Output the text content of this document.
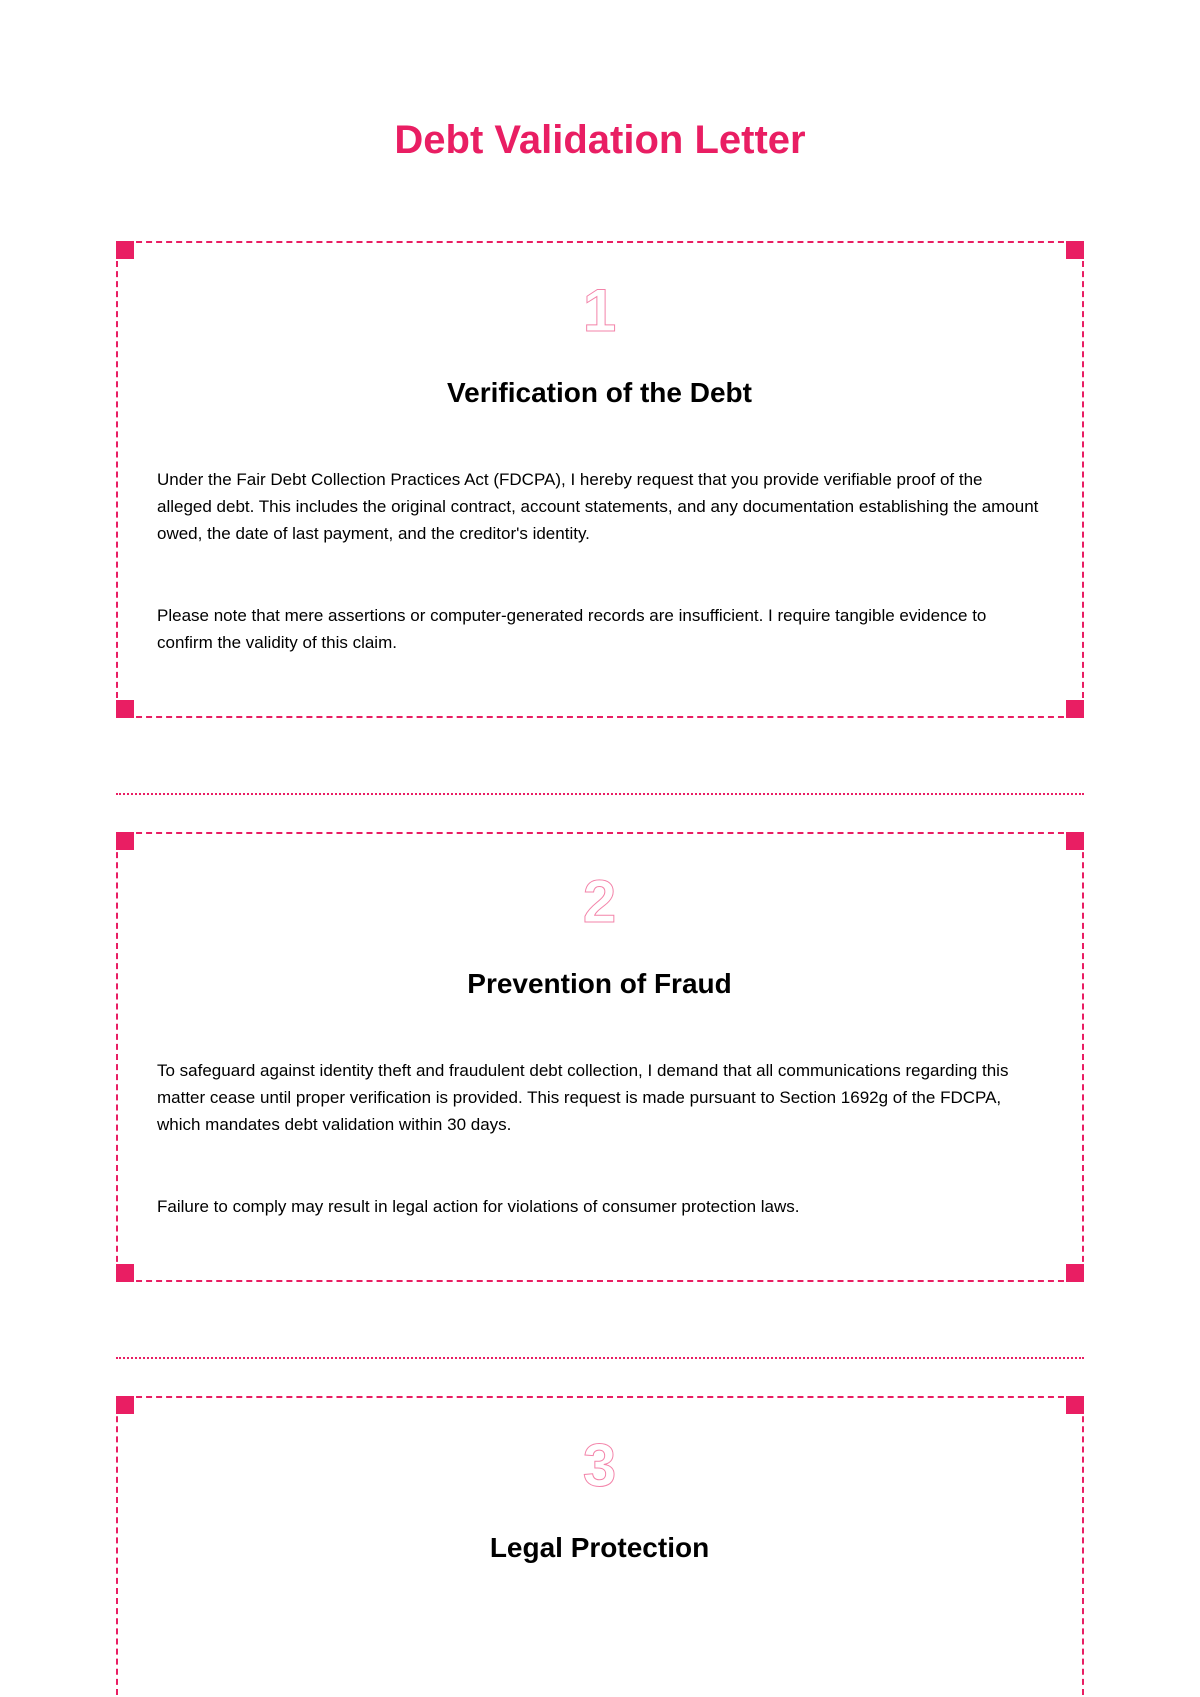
Debt Validation Letter
1
Verification of the Debt

Under the Fair Debt Collection Practices Act (FDCPA), I hereby request that you provide verifiable proof of the alleged debt. This includes the original contract, account statements, and any documentation establishing the amount owed, the date of last payment, and the creditor's identity.

Please note that mere assertions or computer-generated records are insufficient. I require tangible evidence to confirm the validity of this claim.

2
Prevention of Fraud

To safeguard against identity theft and fraudulent debt collection, I demand that all communications regarding this matter cease until proper verification is provided. This request is made pursuant to Section 1692g of the FDCPA, which mandates debt validation within 30 days.

Failure to comply may result in legal action for violations of consumer protection laws.

3
Legal Protection
